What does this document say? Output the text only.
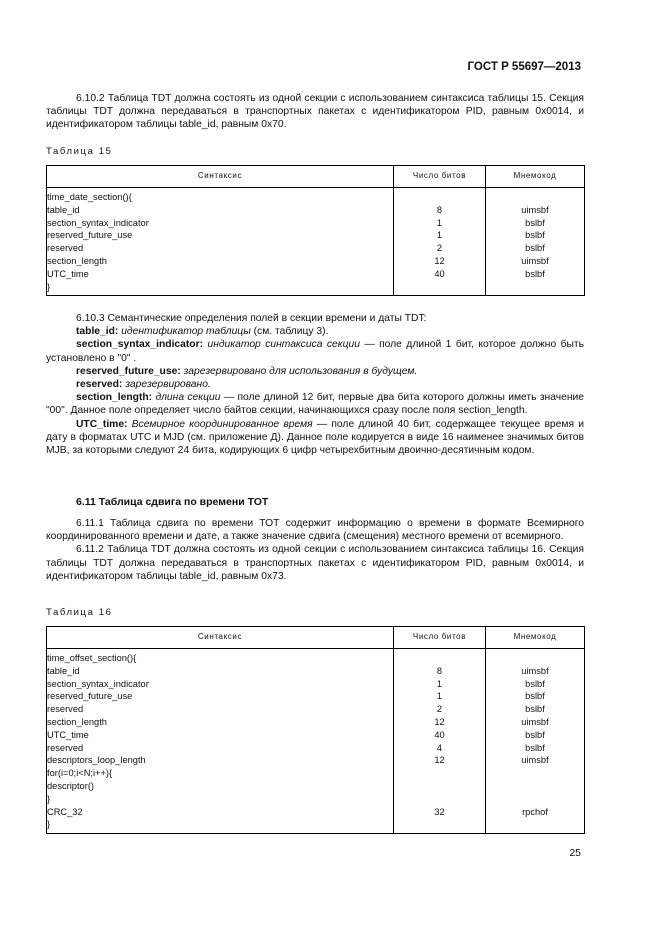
ГОСТ Р 55697—2013

6.10.2 Таблица TDT должна состоять из одной секции с использованием синтаксиса таблицы 15. Секция таблицы TDT должна передаваться в транспортных пакетах с идентификатором PID, равным 0x0014, и идентификатором таблицы table_id, равным 0x70.

Таблица 15
Синтаксис	Число битов	Мнемокод
time_date_section(){		
table_id	8	uimsbf
section_syntax_indicator	1	bslbf
reserved_future_use	1	bslbf
reserved	2	bslbf
section_length	12	uimsbf
UTC_time	40	bslbf
}		

6.10.3 Семантические определения полей в секции времени и даты TDT:

table_id: идентификатор таблицы (см. таблицу 3).

section_syntax_indicator: индикатор синтаксиса секции — поле длиной 1 бит, которое должно быть установлено в "0" .

reserved_future_use: зарезервировано для использования в будущем.

reserved: зарезервировано.

section_length: длина секции — поле длиной 12 бит, первые два бита которого должны иметь значение "00". Данное поле определяет число байтов секции, начинающихся сразу после поля section_length.

UTC_time: Всемирное координированное время — поле длиной 40 бит, содержащее текущее время и дату в форматах UTC и MJD (см. приложение Д). Данное поле кодируется в виде 16 наименее значимых битов MJB, за которыми следуют 24 бита, кодирующих 6 цифр четырехбитным двоично-десятичным кодом.

6.11 Таблица сдвига по времени ТОТ

6.11.1 Таблица сдвига по времени ТОТ содержит информацию о времени в формате Всемирного координированного времени и дате, а также значение сдвига (смещения) местного времени от всемирного.

6.11.2 Таблица TDT должна состоять из одной секции с использованием синтаксиса таблицы 16. Секция таблицы TDT должна передаваться в транспортных пакетах с идентификатором PID, равным 0x0014, и идентификатором таблицы table_id, равным 0x73.

Таблица 16
Синтаксис	Число битов	Мнемокод
time_offset_section(){		
table_id	8	uimsbf
section_syntax_indicator	1	bslbf
reserved_future_use	1	bslbf
reserved	2	bslbf
section_length	12	uimsbf
UTC_time	40	bslbf
reserved	4	bslbf
descriptors_loop_length	12	uimsbf
for(i=0;i<N;i++){		
descriptor()		
}		
CRC_32	32	rpchof
}		
25
